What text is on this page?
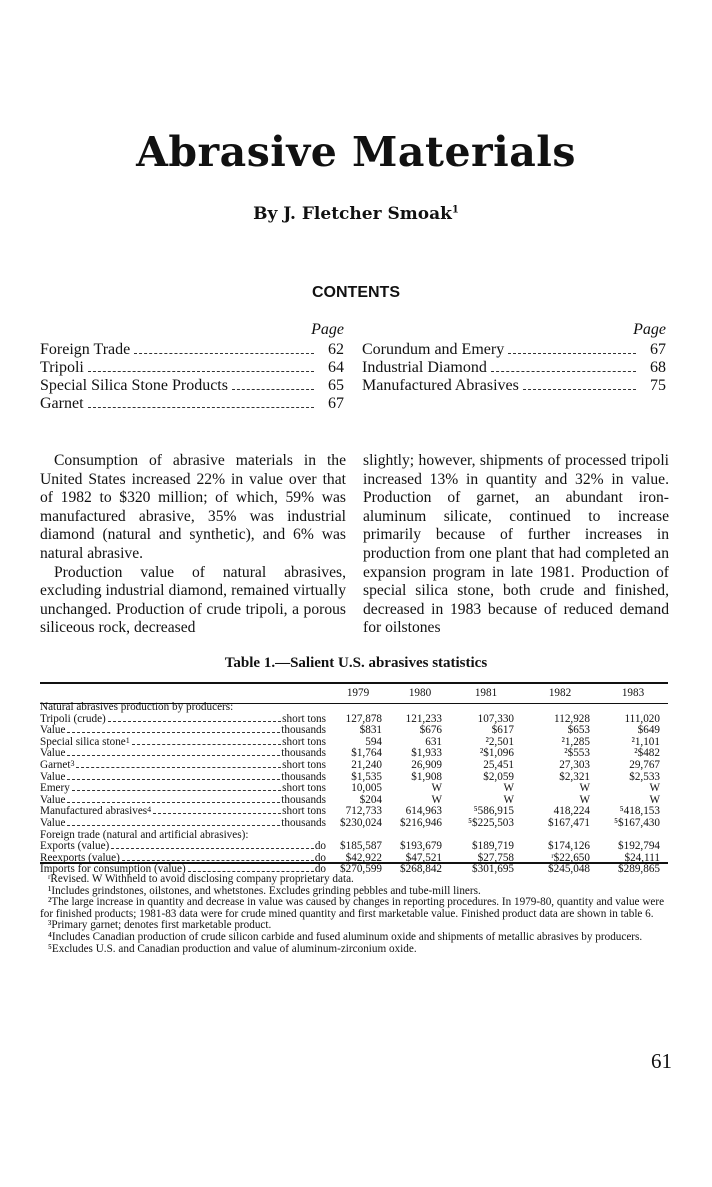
Abrasive Materials
By J. Fletcher Smoak$^1$
CONTENTS
Page
Foreign Trade	62
Tripoli	64
Special Silica Stone Products	65
Garnet	67
Page
Corundum and Emery	67
Industrial Diamond	68
Manufactured Abrasives	75

Consumption of abrasive materials in the United States increased 22% in value over that of 1982 to $320 million; of which, 59% was manufactured abrasive, 35% was industrial diamond (natural and synthetic), and 6% was natural abrasive.

Production value of natural abrasives, excluding industrial diamond, remained virtually unchanged. Production of crude tripoli, a porous siliceous rock, decreased

slightly; however, shipments of processed tripoli increased 13% in quantity and 32% in value. Production of garnet, an abundant iron-aluminum silicate, continued to increase primarily because of further increases in production from one plant that had completed an expansion program in late 1981. Production of special silica stone, both crude and finished, decreased in 1983 because of reduced demand for oilstones

Table 1.—Salient U.S. abrasives statistics
	1979	1980	1981	1982	1983
Natural abrasives production by producers:					

Tripoli (crude) short tons	127,878	121,233	107,330	112,928	111,020

Value thousands	$831	$676	$617	$653	$649

Special silica stone$^1$ short tons	594	631	²2,501	²1,285	²1,101

Value thousands	$1,764	$1,933	²$1,096	²$553	²$482

Garnet$^3$ short tons	21,240	26,909	25,451	27,303	29,767

Value thousands	$1,535	$1,908	$2,059	$2,321	$2,533

Emery short tons	10,005	W	W	W	W

Value thousands	$204	W	W	W	W

Manufactured abrasives$^4$ short tons	712,733	614,963	⁵586,915	418,224	⁵418,153

Value thousands	$230,024	$216,946	⁵$225,503	$167,471	⁵$167,430
Foreign trade (natural and artificial abrasives):					

Exports (value) do	$185,587	$193,679	$189,719	$174,126	$192,794

Reexports (value) do	$42,922	$47,521	$27,758	ʳ$22,650	$24,111

Imports for consumption (value) do	$270,599	$268,842	$301,695	$245,048	$289,865

ʳRevised. W Withheld to avoid disclosing company proprietary data.

¹Includes grindstones, oilstones, and whetstones. Excludes grinding pebbles and tube-mill liners.

²The large increase in quantity and decrease in value was caused by changes in reporting procedures. In 1979-80, quantity and value were for finished products; 1981-83 data were for crude mined quantity and first marketable value. Finished product data are shown in table 6.

³Primary garnet; denotes first marketable product.

⁴Includes Canadian production of crude silicon carbide and fused aluminum oxide and shipments of metallic abrasives by producers.

⁵Excludes U.S. and Canadian production and value of aluminum-zirconium oxide.

61
